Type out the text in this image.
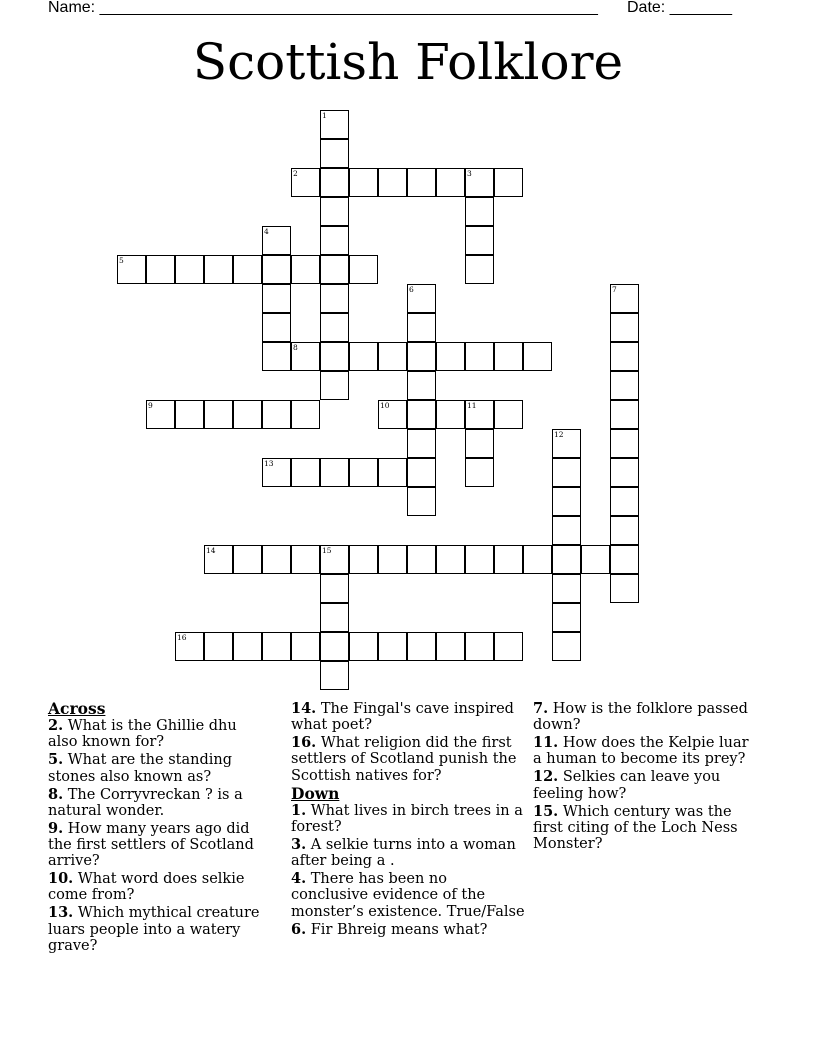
Name: ________________________________________________________ Date: _______
Scottish Folklore
2	3
5
8
9	10	11
13
14	15
16
1
4
6	7
12
Across
2. What is the Ghillie dhu also known for?
5. What are the standing stones also known as?
8. The Corryvreckan ? is a natural wonder.
9. How many years ago did the first settlers of Scotland arrive?
10. What word does selkie come from?
13. Which mythical creature luars people into a watery grave?
14. The Fingal's cave inspired what poet?
16. What religion did the first settlers of Scotland punish the Scottish natives for?
Down
1. What lives in birch trees in a forest?
3. A selkie turns into a woman after being a .
4. There has been no conclusive evidence of the monster’s existence. True/False
6. Fir Bhreig means what?
7. How is the folklore passed down?
11. How does the Kelpie luar a human to become its prey?
12. Selkies can leave you feeling how?
15. Which century was the first citing of the Loch Ness Monster?
